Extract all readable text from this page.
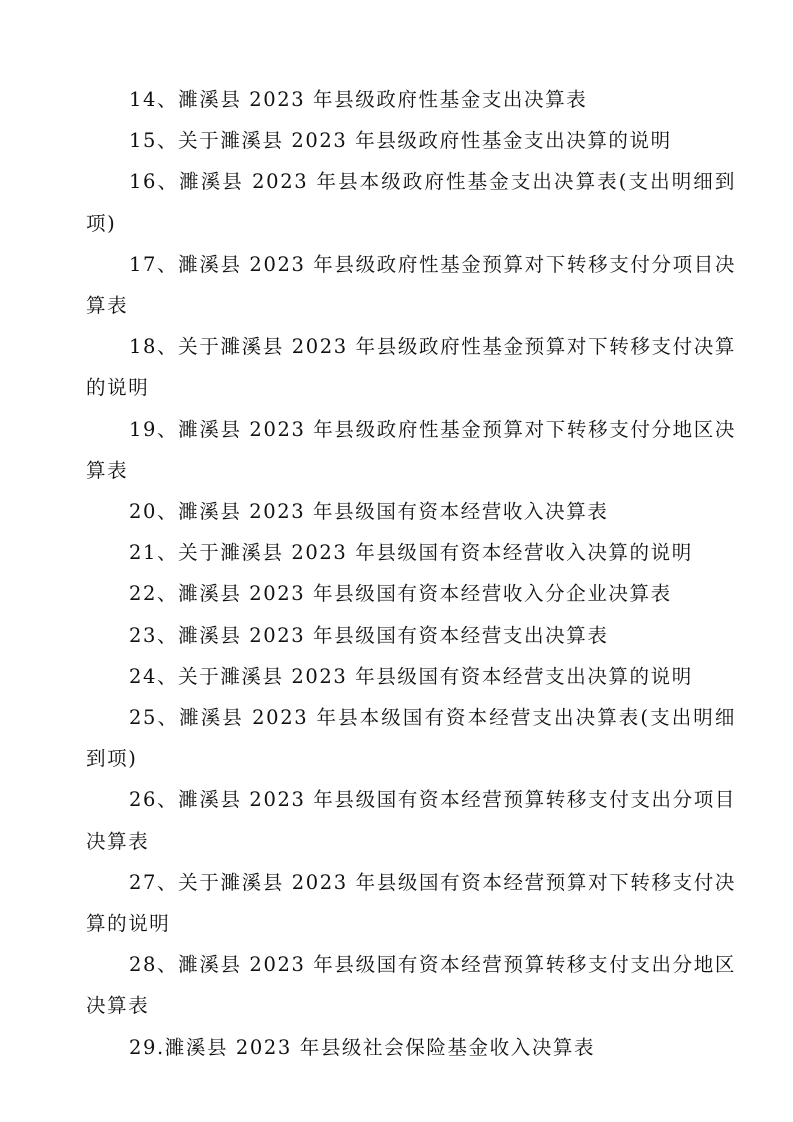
14、濉溪县 2023 年县级政府性基金支出决算表
15、关于濉溪县 2023 年县级政府性基金支出决算的说明
16、濉溪县 2023 年县本级政府性基金支出决算表(支出明细到项)
17、濉溪县 2023 年县级政府性基金预算对下转移支付分项目决算表
18、关于濉溪县 2023 年县级政府性基金预算对下转移支付决算的说明
19、濉溪县 2023 年县级政府性基金预算对下转移支付分地区决算表
20、濉溪县 2023 年县级国有资本经营收入决算表
21、关于濉溪县 2023 年县级国有资本经营收入决算的说明
22、濉溪县 2023 年县级国有资本经营收入分企业决算表
23、濉溪县 2023 年县级国有资本经营支出决算表
24、关于濉溪县 2023 年县级国有资本经营支出决算的说明
25、濉溪县 2023 年县本级国有资本经营支出决算表(支出明细到项)
26、濉溪县 2023 年县级国有资本经营预算转移支付支出分项目决算表
27、关于濉溪县 2023 年县级国有资本经营预算对下转移支付决算的说明
28、濉溪县 2023 年县级国有资本经营预算转移支付支出分地区决算表
29.濉溪县 2023 年县级社会保险基金收入决算表
